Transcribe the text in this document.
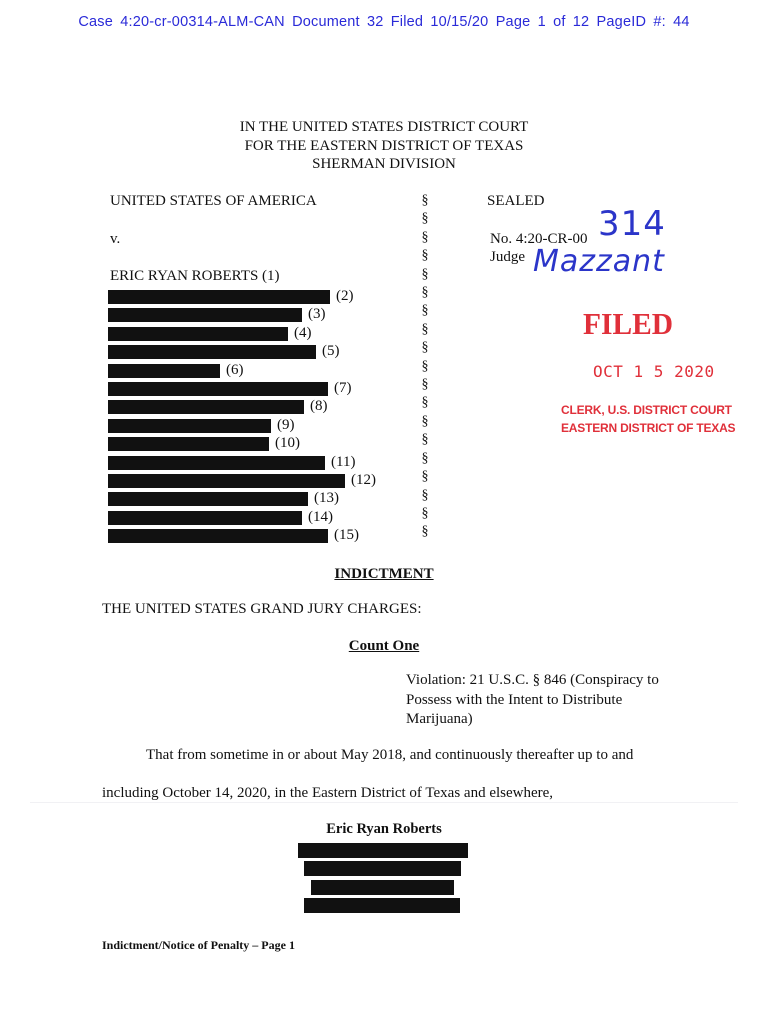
Case 4:20-cr-00314-ALM-CAN Document 32 Filed 10/15/20 Page 1 of 12 PageID #: 44
IN THE UNITED STATES DISTRICT COURT
FOR THE EASTERN DISTRICT OF TEXAS
SHERMAN DIVISION
UNITED STATES OF AMERICA
v.
ERIC RYAN ROBERTS (1)
(2)
(3)
(4)
(5)
(6)
(7)
(8)
(9)
(10)
(11)
(12)
(13)
(14)
(15)
§
§
§
§
§
§
§
§
§
§
§
§
§
§
§
§
§
§
§
SEALED
No. 4:20-CR-00 314
Judge Mazzant
FILED
OCT 1 5 2020
CLERK, U.S. DISTRICT COURT
EASTERN DISTRICT OF TEXAS
INDICTMENT
THE UNITED STATES GRAND JURY CHARGES:
Count One
Violation: 21 U.S.C. § 846 (Conspiracy to Possess with the Intent to Distribute Marijuana)
That from sometime in or about May 2018, and continuously thereafter up to and
including October 14, 2020, in the Eastern District of Texas and elsewhere,
Eric Ryan Roberts
Indictment/Notice of Penalty – Page 1
